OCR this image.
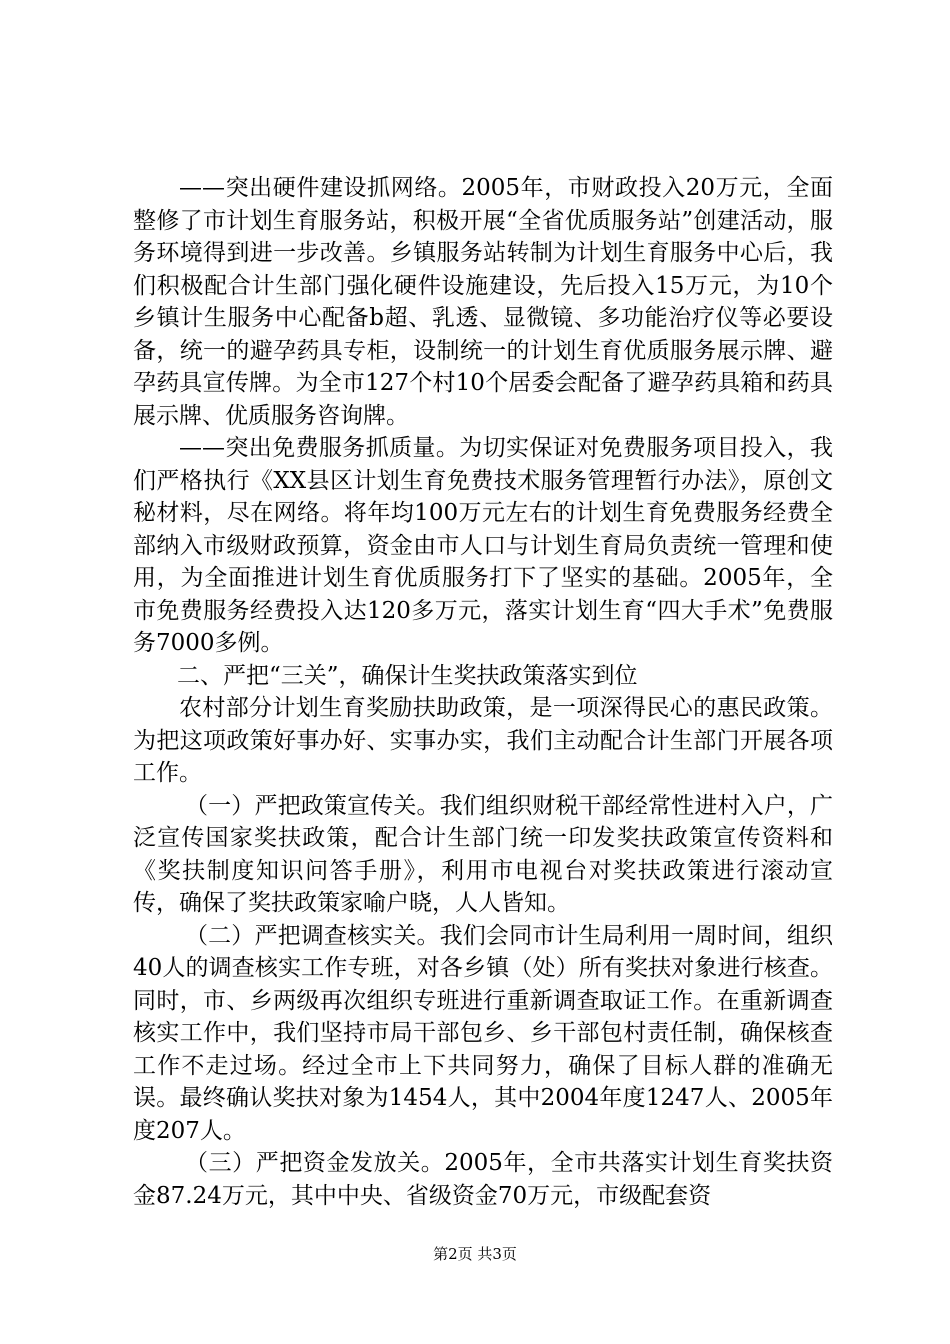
——突出硬件建设抓网络。2005年，市财政投入20万元，全面整修了市计划生育服务站，积极开展“全省优质服务站”创建活动，服务环境得到进一步改善。乡镇服务站转制为计划生育服务中心后，我们积极配合计生部门强化硬件设施建设，先后投入15万元，为10个乡镇计生服务中心配备b超、乳透、显微镜、多功能治疗仪等必要设备，统一的避孕药具专柜，设制统一的计划生育优质服务展示牌、避孕药具宣传牌。为全市127个村10个居委会配备了避孕药具箱和药具展示牌、优质服务咨询牌。

——突出免费服务抓质量。为切实保证对免费服务项目投入，我们严格执行《XX县区计划生育免费技术服务管理暂行办法》，原创文秘材料，尽在网络。将年均100万元左右的计划生育免费服务经费全部纳入市级财政预算，资金由市人口与计划生育局负责统一管理和使用，为全面推进计划生育优质服务打下了坚实的基础。2005年，全市免费服务经费投入达120多万元，落实计划生育“四大手术”免费服务7000多例。

二、严把“三关”，确保计生奖扶政策落实到位

农村部分计划生育奖励扶助政策，是一项深得民心的惠民政策。为把这项政策好事办好、实事办实，我们主动配合计生部门开展各项工作。

（一）严把政策宣传关。我们组织财税干部经常性进村入户，广泛宣传国家奖扶政策，配合计生部门统一印发奖扶政策宣传资料和《奖扶制度知识问答手册》，利用市电视台对奖扶政策进行滚动宣传，确保了奖扶政策家喻户晓，人人皆知。

（二）严把调查核实关。我们会同市计生局利用一周时间，组织40人的调查核实工作专班，对各乡镇（处）所有奖扶对象进行核查。同时，市、乡两级再次组织专班进行重新调查取证工作。在重新调查核实工作中，我们坚持市局干部包乡、乡干部包村责任制，确保核查工作不走过场。经过全市上下共同努力，确保了目标人群的准确无误。最终确认奖扶对象为1454人，其中2004年度1247人、2005年度207人。

（三）严把资金发放关。2005年，全市共落实计划生育奖扶资金87.24万元，其中中央、省级资金70万元，市级配套资

第2页 共3页
